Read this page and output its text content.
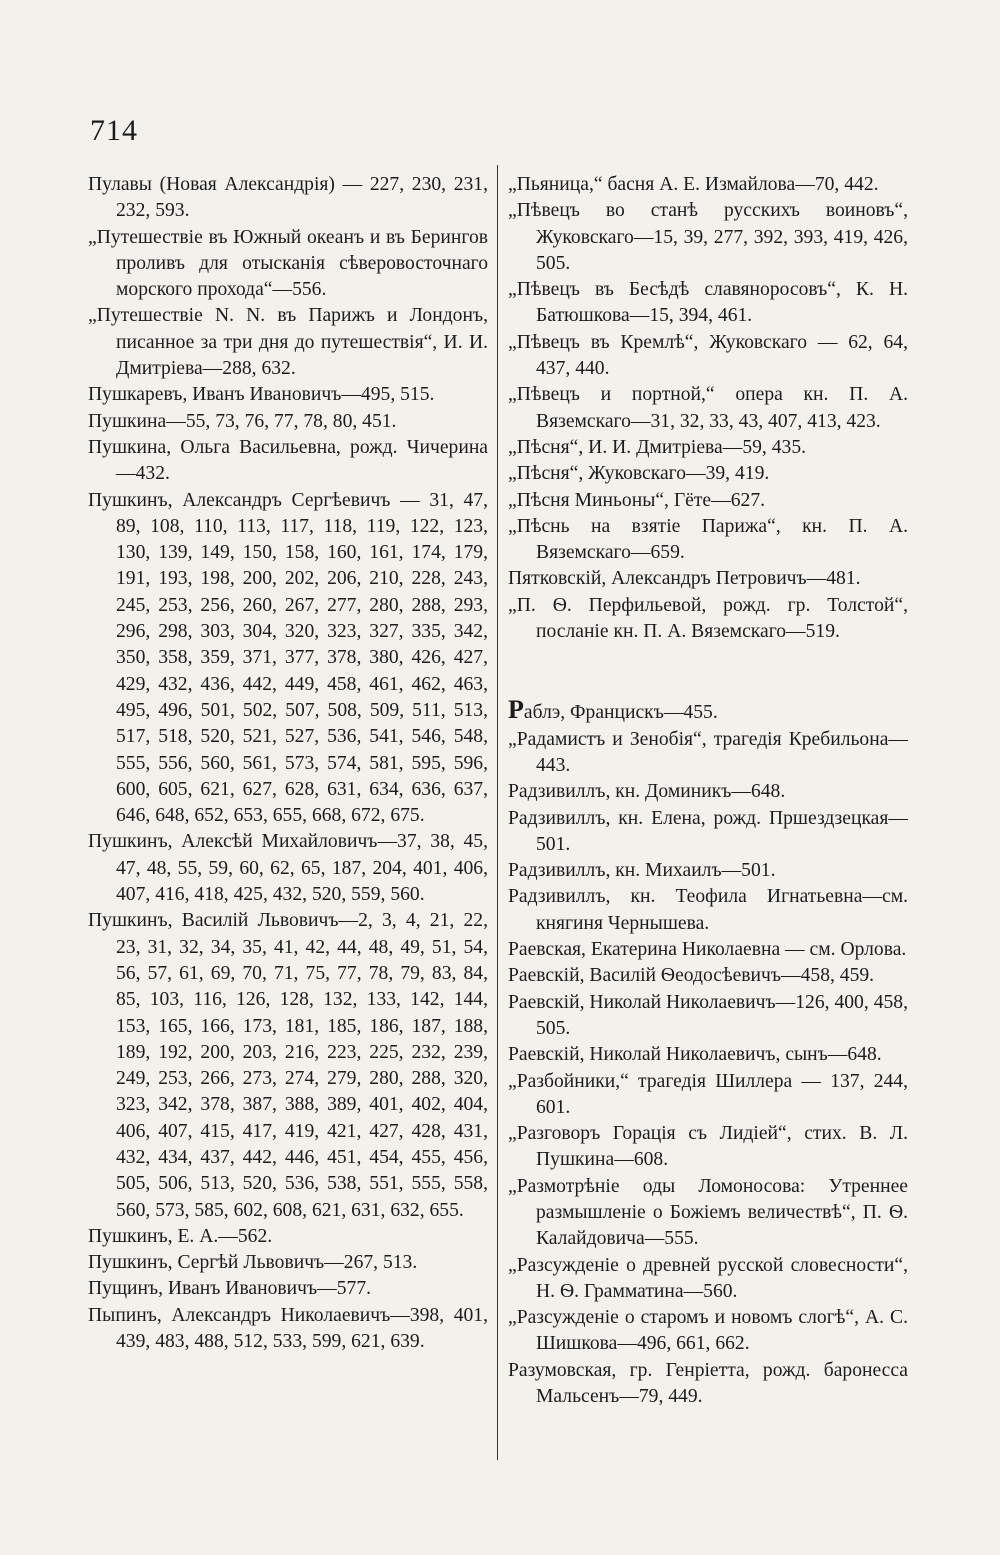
714

Пулавы (Новая Александрія) — 227, 230, 231, 232, 593.

„Путешествіе въ Южный океанъ и въ Берингов проливъ для отысканія сѣверовосточнаго морского прохода“—556.

„Путешествіе N. N. въ Парижъ и Лондонъ, писанное за три дня до путешествія“, И. И. Дмитріева—288, 632.

Пушкаревъ, Иванъ Ивановичъ—495, 515.

Пушкина—55, 73, 76, 77, 78, 80, 451.

Пушкина, Ольга Васильевна, рожд. Чичерина—432.

Пушкинъ, Александръ Сергѣевичъ — 31, 47, 89, 108, 110, 113, 117, 118, 119, 122, 123, 130, 139, 149, 150, 158, 160, 161, 174, 179, 191, 193, 198, 200, 202, 206, 210, 228, 243, 245, 253, 256, 260, 267, 277, 280, 288, 293, 296, 298, 303, 304, 320, 323, 327, 335, 342, 350, 358, 359, 371, 377, 378, 380, 426, 427, 429, 432, 436, 442, 449, 458, 461, 462, 463, 495, 496, 501, 502, 507, 508, 509, 511, 513, 517, 518, 520, 521, 527, 536, 541, 546, 548, 555, 556, 560, 561, 573, 574, 581, 595, 596, 600, 605, 621, 627, 628, 631, 634, 636, 637, 646, 648, 652, 653, 655, 668, 672, 675.

Пушкинъ, Алексѣй Михайловичъ—37, 38, 45, 47, 48, 55, 59, 60, 62, 65, 187, 204, 401, 406, 407, 416, 418, 425, 432, 520, 559, 560.

Пушкинъ, Василій Львовичъ—2, 3, 4, 21, 22, 23, 31, 32, 34, 35, 41, 42, 44, 48, 49, 51, 54, 56, 57, 61, 69, 70, 71, 75, 77, 78, 79, 83, 84, 85, 103, 116, 126, 128, 132, 133, 142, 144, 153, 165, 166, 173, 181, 185, 186, 187, 188, 189, 192, 200, 203, 216, 223, 225, 232, 239, 249, 253, 266, 273, 274, 279, 280, 288, 320, 323, 342, 378, 387, 388, 389, 401, 402, 404, 406, 407, 415, 417, 419, 421, 427, 428, 431, 432, 434, 437, 442, 446, 451, 454, 455, 456, 505, 506, 513, 520, 536, 538, 551, 555, 558, 560, 573, 585, 602, 608, 621, 631, 632, 655.

Пушкинъ, Е. А.—562.

Пушкинъ, Сергѣй Львовичъ—267, 513.

Пущинъ, Иванъ Ивановичъ—577.

Пыпинъ, Александръ Николаевичъ—398, 401, 439, 483, 488, 512, 533, 599, 621, 639.

„Пьяница,“ басня А. Е. Измайлова—70, 442.

„Пѣвецъ во станѣ русскихъ воиновъ“, Жуковскаго—15, 39, 277, 392, 393, 419, 426, 505.

„Пѣвецъ въ Бесѣдѣ славяноросовъ“, К. Н. Батюшкова—15, 394, 461.

„Пѣвецъ въ Кремлѣ“, Жуковскаго — 62, 64, 437, 440.

„Пѣвецъ и портной,“ опера кн. П. А. Вяземскаго—31, 32, 33, 43, 407, 413, 423.

„Пѣсня“, И. И. Дмитріева—59, 435.

„Пѣсня“, Жуковскаго—39, 419.

„Пѣсня Миньоны“, Гёте—627.

„Пѣснь на взятіе Парижа“, кн. П. А. Вяземскаго—659.

Пятковскій, Александръ Петровичъ—481.

„П. Ѳ. Перфильевой, рожд. гр. Толстой“, посланіе кн. П. А. Вяземскаго—519.

Раблэ, Францискъ—455.

„Радамистъ и Зенобія“, трагедія Кребильона—443.

Радзивиллъ, кн. Доминикъ—648.

Радзивиллъ, кн. Елена, рожд. Пршездзецкая—501.

Радзивиллъ, кн. Михаилъ—501.

Радзивиллъ, кн. Теофила Игнатьевна—см. княгиня Чернышева.

Раевская, Екатерина Николаевна — см. Орлова.

Раевскій, Василій Ѳеодосѣевичъ—458, 459.

Раевскій, Николай Николаевичъ—126, 400, 458, 505.

Раевскій, Николай Николаевичъ, сынъ—648.

„Разбойники,“ трагедія Шиллера — 137, 244, 601.

„Разговоръ Горація съ Лидіей“, стих. В. Л. Пушкина—608.

„Размотрѣніе оды Ломоносова: Утреннее размышленіе о Божіемъ величествѣ“, П. Ѳ. Калайдовича—555.

„Разсужденіе о древней русской словесности“, Н. Ѳ. Грамматина—560.

„Разсужденіе о старомъ и новомъ слогѣ“, А. С. Шишкова—496, 661, 662.

Разумовская, гр. Генріетта, рожд. баронесса Мальсенъ—79, 449.
